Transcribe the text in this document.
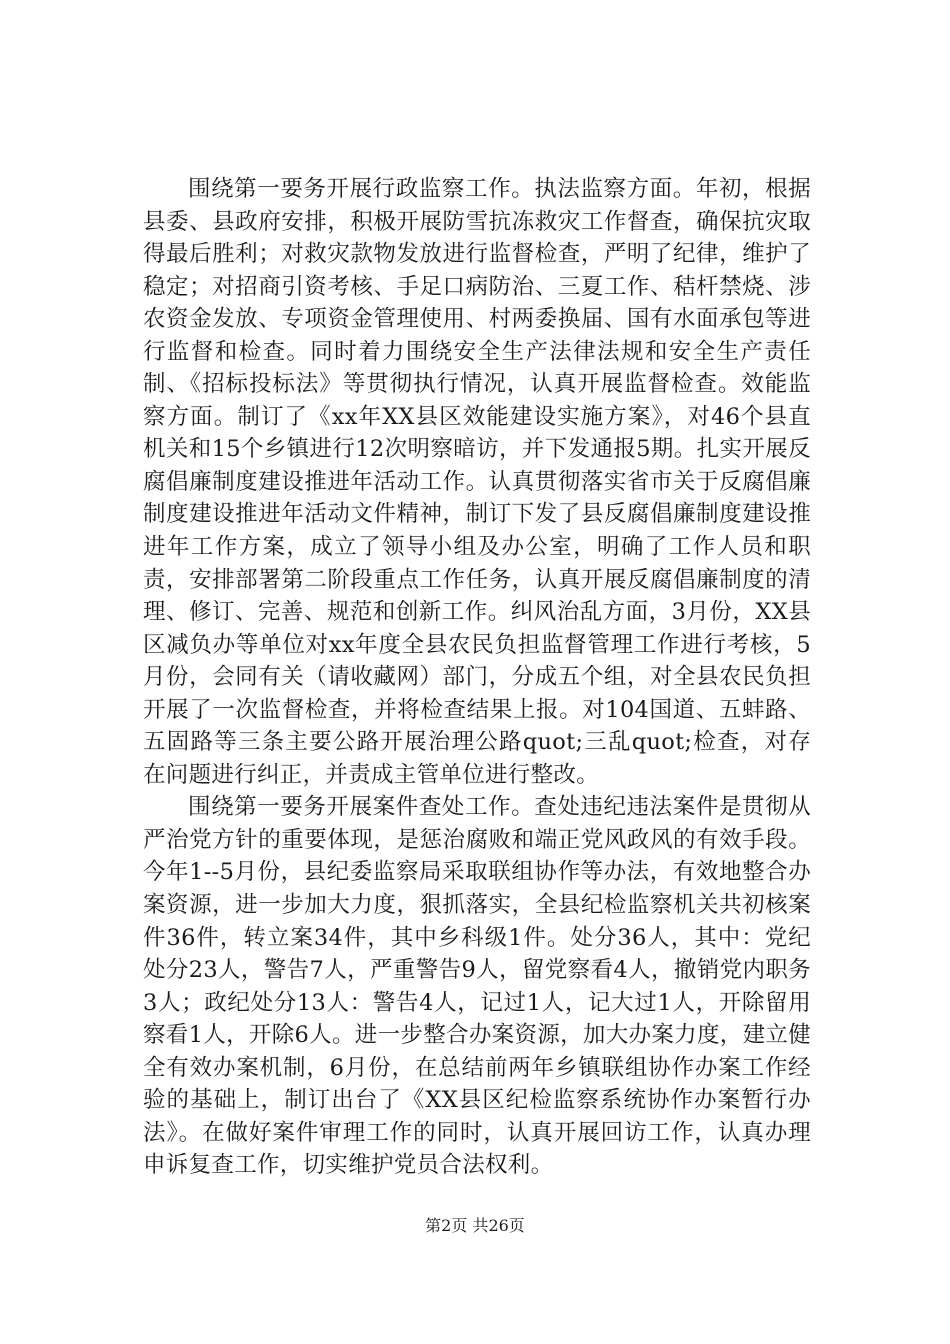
围绕第一要务开展行政监察工作。执法监察方面。年初，根据县委、县政府安排，积极开展防雪抗冻救灾工作督查，确保抗灾取得最后胜利；对救灾款物发放进行监督检查，严明了纪律，维护了稳定；对招商引资考核、手足口病防治、三夏工作、秸杆禁烧、涉农资金发放、专项资金管理使用、村两委换届、国有水面承包等进行监督和检查。同时着力围绕安全生产法律法规和安全生产责任制、《招标投标法》等贯彻执行情况，认真开展监督检查。效能监察方面。制订了《xx年XX县区效能建设实施方案》，对46个县直机关和15个乡镇进行12次明察暗访，并下发通报5期。扎实开展反腐倡廉制度建设推进年活动工作。认真贯彻落实省市关于反腐倡廉制度建设推进年活动文件精神，制订下发了县反腐倡廉制度建设推进年工作方案，成立了领导小组及办公室，明确了工作人员和职责，安排部署第二阶段重点工作任务，认真开展反腐倡廉制度的清理、修订、完善、规范和创新工作。纠风治乱方面，3月份，XX县区减负办等单位对xx年度全县农民负担监督管理工作进行考核，5月份，会同有关（请收藏网）部门，分成五个组，对全县农民负担开展了一次监督检查，并将检查结果上报。对104国道、五蚌路、五固路等三条主要公路开展治理公路quot;三乱quot;检查，对存在问题进行纠正，并责成主管单位进行整改。

围绕第一要务开展案件查处工作。查处违纪违法案件是贯彻从严治党方针的重要体现，是惩治腐败和端正党风政风的有效手段。今年1--5月份，县纪委监察局采取联组协作等办法，有效地整合办案资源，进一步加大力度，狠抓落实，全县纪检监察机关共初核案件36件，转立案34件，其中乡科级1件。处分36人，其中：党纪处分23人，警告7人，严重警告9人，留党察看4人，撤销党内职务3人；政纪处分13人：警告4人，记过1人，记大过1人，开除留用察看1人，开除6人。进一步整合办案资源，加大办案力度，建立健全有效办案机制，6月份，在总结前两年乡镇联组协作办案工作经验的基础上，制订出台了《XX县区纪检监察系统协作办案暂行办法》。在做好案件审理工作的同时，认真开展回访工作，认真办理申诉复查工作，切实维护党员合法权利。

第2页 共26页
